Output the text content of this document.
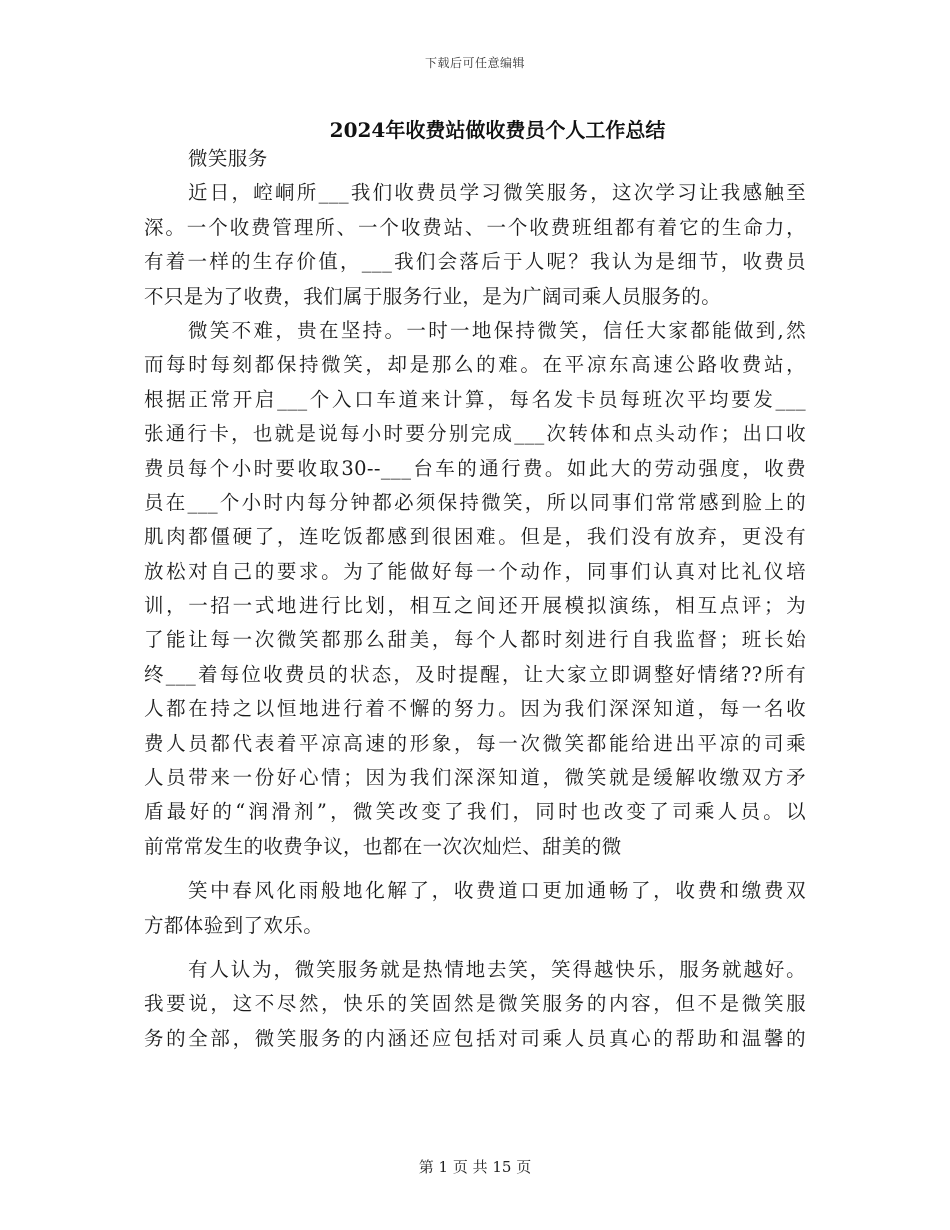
下载后可任意编辑
2024年收费站做收费员个人工作总结
微笑服务
近日，崆峒所___我们收费员学习微笑服务，这次学习让我感触至
深。一个收费管理所、一个收费站、一个收费班组都有着它的生命力，
有着一样的生存价值，___我们会落后于人呢？我认为是细节，收费员
不只是为了收费，我们属于服务行业，是为广阔司乘人员服务的。
微笑不难，贵在坚持。一时一地保持微笑，信任大家都能做到,然
而每时每刻都保持微笑，却是那么的难。在平凉东高速公路收费站，
根据正常开启___个入口车道来计算，每名发卡员每班次平均要发___
张通行卡，也就是说每小时要分别完成___次转体和点头动作；出口收
费员每个小时要收取30--___台车的通行费。如此大的劳动强度，收费
员在___个小时内每分钟都必须保持微笑，所以同事们常常感到脸上的
肌肉都僵硬了，连吃饭都感到很困难。但是，我们没有放弃，更没有
放松对自己的要求。为了能做好每一个动作，同事们认真对比礼仪培
训，一招一式地进行比划，相互之间还开展模拟演练，相互点评；为
了能让每一次微笑都那么甜美，每个人都时刻进行自我监督；班长始
终___着每位收费员的状态，及时提醒，让大家立即调整好情绪??所有
人都在持之以恒地进行着不懈的努力。因为我们深深知道，每一名收
费人员都代表着平凉高速的形象，每一次微笑都能给进出平凉的司乘
人员带来一份好心情；因为我们深深知道，微笑就是缓解收缴双方矛
盾最好的“润滑剂”，微笑改变了我们，同时也改变了司乘人员。以
前常常发生的收费争议，也都在一次次灿烂、甜美的微
笑中春风化雨般地化解了，收费道口更加通畅了，收费和缴费双
方都体验到了欢乐。
有人认为，微笑服务就是热情地去笑，笑得越快乐，服务就越好。
我要说，这不尽然，快乐的笑固然是微笑服务的内容，但不是微笑服
务的全部，微笑服务的内涵还应包括对司乘人员真心的帮助和温馨的
第 1 页 共 15 页
